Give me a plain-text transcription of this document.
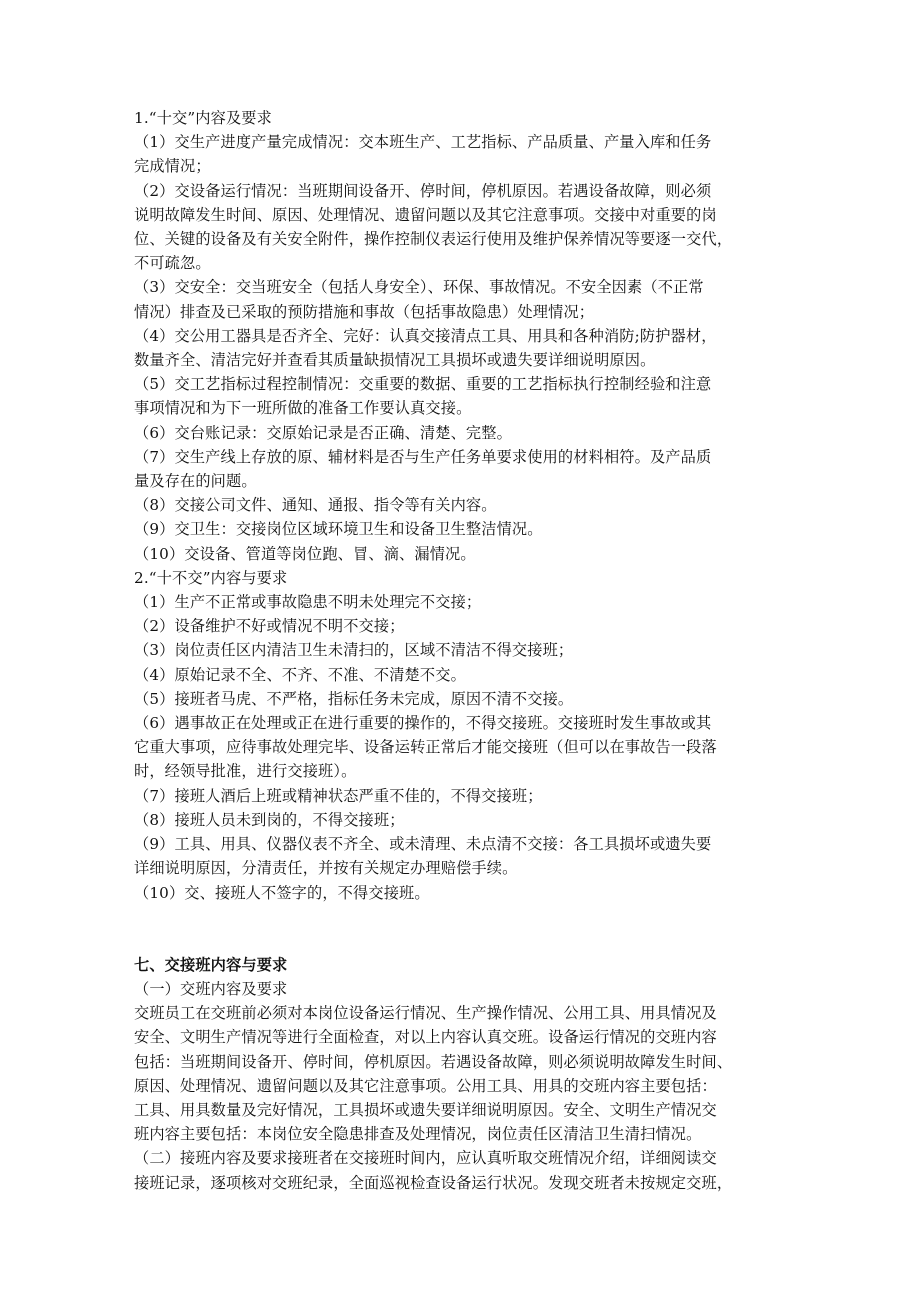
1.“十交”内容及要求

（1）交生产进度产量完成情况：交本班生产、工艺指标、产品质量、产量入库和任务

完成情况；

（2）交设备运行情况：当班期间设备开、停时间，停机原因。若遇设备故障，则必须

说明故障发生时间、原因、处理情况、遗留问题以及其它注意事项。交接中对重要的岗

位、关键的设备及有关安全附件，操作控制仪表运行使用及维护保养情况等要逐一交代，

不可疏忽。

（3）交安全：交当班安全（包括人身安全）、环保、事故情况。不安全因素（不正常

情况）排查及已采取的预防措施和事故（包括事故隐患）处理情况；

（4）交公用工器具是否齐全、完好：认真交接清点工具、用具和各种消防;防护器材，

数量齐全、清洁完好并查看其质量缺损情况工具损坏或遗失要详细说明原因。

（5）交工艺指标过程控制情况：交重要的数据、重要的工艺指标执行控制经验和注意

事项情况和为下一班所做的准备工作要认真交接。

（6）交台账记录：交原始记录是否正确、清楚、完整。

（7）交生产线上存放的原、辅材料是否与生产任务单要求使用的材料相符。及产品质

量及存在的问题。

（8）交接公司文件、通知、通报、指令等有关内容。

（9）交卫生：交接岗位区域环境卫生和设备卫生整洁情况。

（10）交设备、管道等岗位跑、冒、滴、漏情况。

2.“十不交”内容与要求

（1）生产不正常或事故隐患不明未处理完不交接；

（2）设备维护不好或情况不明不交接；

（3）岗位责任区内清洁卫生未清扫的，区域不清洁不得交接班；

（4）原始记录不全、不齐、不准、不清楚不交。

（5）接班者马虎、不严格，指标任务未完成，原因不清不交接。

（6）遇事故正在处理或正在进行重要的操作的，不得交接班。交接班时发生事故或其

它重大事项，应待事故处理完毕、设备运转正常后才能交接班（但可以在事故告一段落

时，经领导批准，进行交接班）。

（7）接班人酒后上班或精神状态严重不佳的，不得交接班；

（8）接班人员未到岗的，不得交接班；

（9）工具、用具、仪器仪表不齐全、或未清理、未点清不交接：各工具损坏或遗失要

详细说明原因，分清责任，并按有关规定办理赔偿手续。

（10）交、接班人不签字的，不得交接班。

七、交接班内容与要求

（一）交班内容及要求

交班员工在交班前必须对本岗位设备运行情况、生产操作情况、公用工具、用具情况及

安全、文明生产情况等进行全面检查，对以上内容认真交班。设备运行情况的交班内容

包括：当班期间设备开、停时间，停机原因。若遇设备故障，则必须说明故障发生时间、

原因、处理情况、遗留问题以及其它注意事项。公用工具、用具的交班内容主要包括：

工具、用具数量及完好情况，工具损坏或遗失要详细说明原因。安全、文明生产情况交

班内容主要包括：本岗位安全隐患排查及处理情况，岗位责任区清洁卫生清扫情况。

（二）接班内容及要求接班者在交接班时间内，应认真听取交班情况介绍，详细阅读交

接班记录，逐项核对交班纪录，全面巡视检查设备运行状况。发现交班者未按规定交班，
